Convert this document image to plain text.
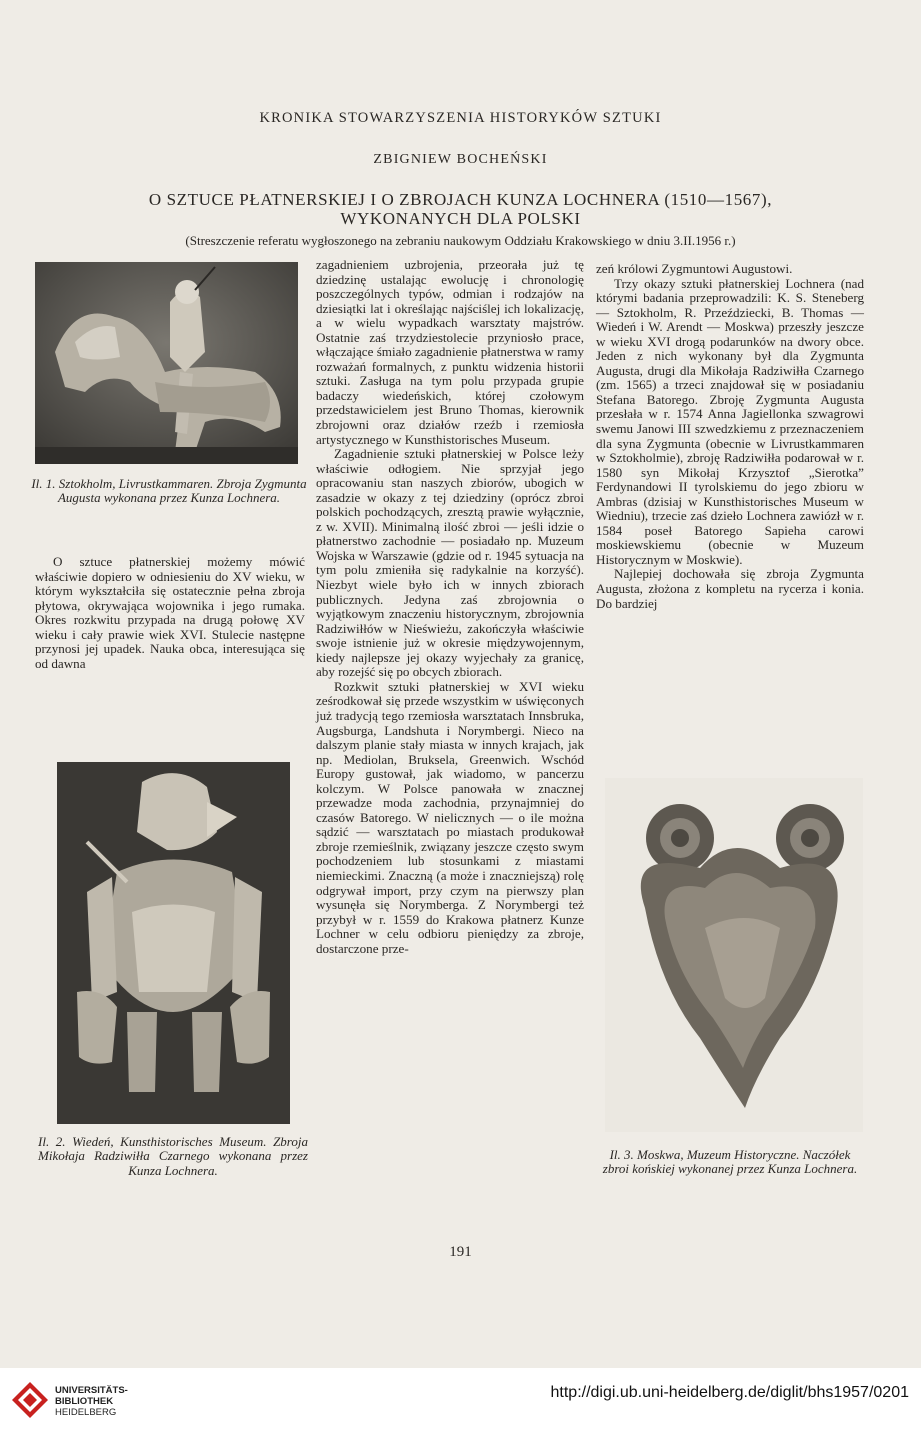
KRONIKA STOWARZYSZENIA HISTORYKÓW SZTUKI
ZBIGNIEW BOCHEŃSKI
O SZTUCE PŁATNERSKIEJ I O ZBROJACH KUNZA LOCHNERA (1510—1567),
WYKONANYCH DLA POLSKI
(Streszczenie referatu wygłoszonego na zebraniu naukowym Oddziału Krakowskiego w dniu 3.II.1956 r.)
Il. 1. Sztokholm, Livrustkammaren. Zbroja Zygmunta Augusta wykonana przez Kunza Lochnera.

O sztuce płatnerskiej możemy mówić właściwie dopiero w odniesieniu do XV wieku, w którym wykształciła się ostatecznie pełna zbroja płytowa, okrywająca wojownika i jego rumaka. Okres rozkwitu przypada na drugą połowę XV wieku i cały prawie wiek XVI. Stulecie następne przynosi jej upadek. Nauka obca, interesująca się od dawna

Il. 2. Wiedeń, Kunsthistorisches Museum. Zbroja Mikołaja Radziwiłła Czarnego wykonana przez Kunza Lochnera.

zagadnieniem uzbrojenia, przeorała już tę dziedzinę ustalając ewolucję i chronologię poszczególnych typów, odmian i rodzajów na dziesiątki lat i określając najściślej ich lokalizację, a w wielu wypadkach warsztaty majstrów. Ostatnie zaś trzydziestolecie przyniosło prace, włączające śmiało zagadnienie płatnerstwa w ramy rozważań formalnych, z punktu widzenia historii sztuki. Zasługa na tym polu przypada grupie badaczy wiedeńskich, której czołowym przedstawicielem jest Bruno Thomas, kierownik zbrojowni oraz działów rzeźb i rzemiosła artystycznego w Kunsthistorisches Museum.

Zagadnienie sztuki płatnerskiej w Polsce leży właściwie odłogiem. Nie sprzyjał jego opracowaniu stan naszych zbiorów, ubogich w zasadzie w okazy z tej dziedziny (oprócz zbroi polskich pochodzących, zresztą prawie wyłącznie, z w. XVII). Minimalną ilość zbroi — jeśli idzie o płatnerstwo zachodnie — posiadało np. Muzeum Wojska w Warszawie (gdzie od r. 1945 sytuacja na tym polu zmieniła się radykalnie na korzyść). Niezbyt wiele było ich w innych zbiorach publicznych. Jedyna zaś zbrojownia o wyjątkowym znaczeniu historycznym, zbrojownia Radziwiłłów w Nieświeżu, zakończyła właściwie swoje istnienie już w okresie międzywojennym, kiedy najlepsze jej okazy wyjechały za granicę, aby rozejść się po obcych zbiorach.

Rozkwit sztuki płatnerskiej w XVI wieku ześrodkował się przede wszystkim w uświęconych już tradycją tego rzemiosła warsztatach Innsbruka, Augsburga, Landshuta i Norymbergi. Nieco na dalszym planie stały miasta w innych krajach, jak np. Mediolan, Bruksela, Greenwich. Wschód Europy gustował, jak wiadomo, w pancerzu kolczym. W Polsce panowała w znacznej przewadze moda zachodnia, przynajmniej do czasów Batorego. W nielicznych — o ile można sądzić — warsztatach po miastach produkował zbroje rzemieślnik, związany jeszcze często swym pochodzeniem lub stosunkami z miastami niemieckimi. Znaczną (a może i znaczniejszą) rolę odgrywał import, przy czym na pierwszy plan wysunęła się Norymberga. Z Norymbergi też przybył w r. 1559 do Krakowa płatnerz Kunze Lochner w celu odbioru pieniędzy za zbroje, dostarczone prze-

zeń królowi Zygmuntowi Augustowi.

Trzy okazy sztuki płatnerskiej Lochnera (nad którymi badania przeprowadzili: K. S. Steneberg — Sztokholm, R. Przeździecki, B. Thomas — Wiedeń i W. Arendt — Moskwa) przeszły jeszcze w wieku XVI drogą podarunków na dwory obce. Jeden z nich wykonany był dla Zygmunta Augusta, drugi dla Mikołaja Radziwiłła Czarnego (zm. 1565) a trzeci znajdował się w posiadaniu Stefana Batorego. Zbroję Zygmunta Augusta przesłała w r. 1574 Anna Jagiellonka szwagrowi swemu Janowi III szwedzkiemu z przeznaczeniem dla syna Zygmunta (obecnie w Livrustkammaren w Sztokholmie), zbroję Radziwiłła podarował w r. 1580 syn Mikołaj Krzysztof „Sierotka” Ferdynandowi II tyrolskiemu do jego zbioru w Ambras (dzisiaj w Kunsthistorisches Museum w Wiedniu), trzecie zaś dzieło Lochnera zawiózł w r. 1584 poseł Batorego Sapieha carowi moskiewskiemu (obecnie w Muzeum Historycznym w Moskwie).

Najlepiej dochowała się zbroja Zygmunta Augusta, złożona z kompletu na rycerza i konia. Do bardziej

Il. 3. Moskwa, Muzeum Historyczne. Naczółek zbroi końskiej wykonanej przez Kunza Lochnera.
191
UNIVERSITÄTS-
BIBLIOTHEK
HEIDELBERG
http://digi.ub.uni-heidelberg.de/diglit/bhs1957/0201
